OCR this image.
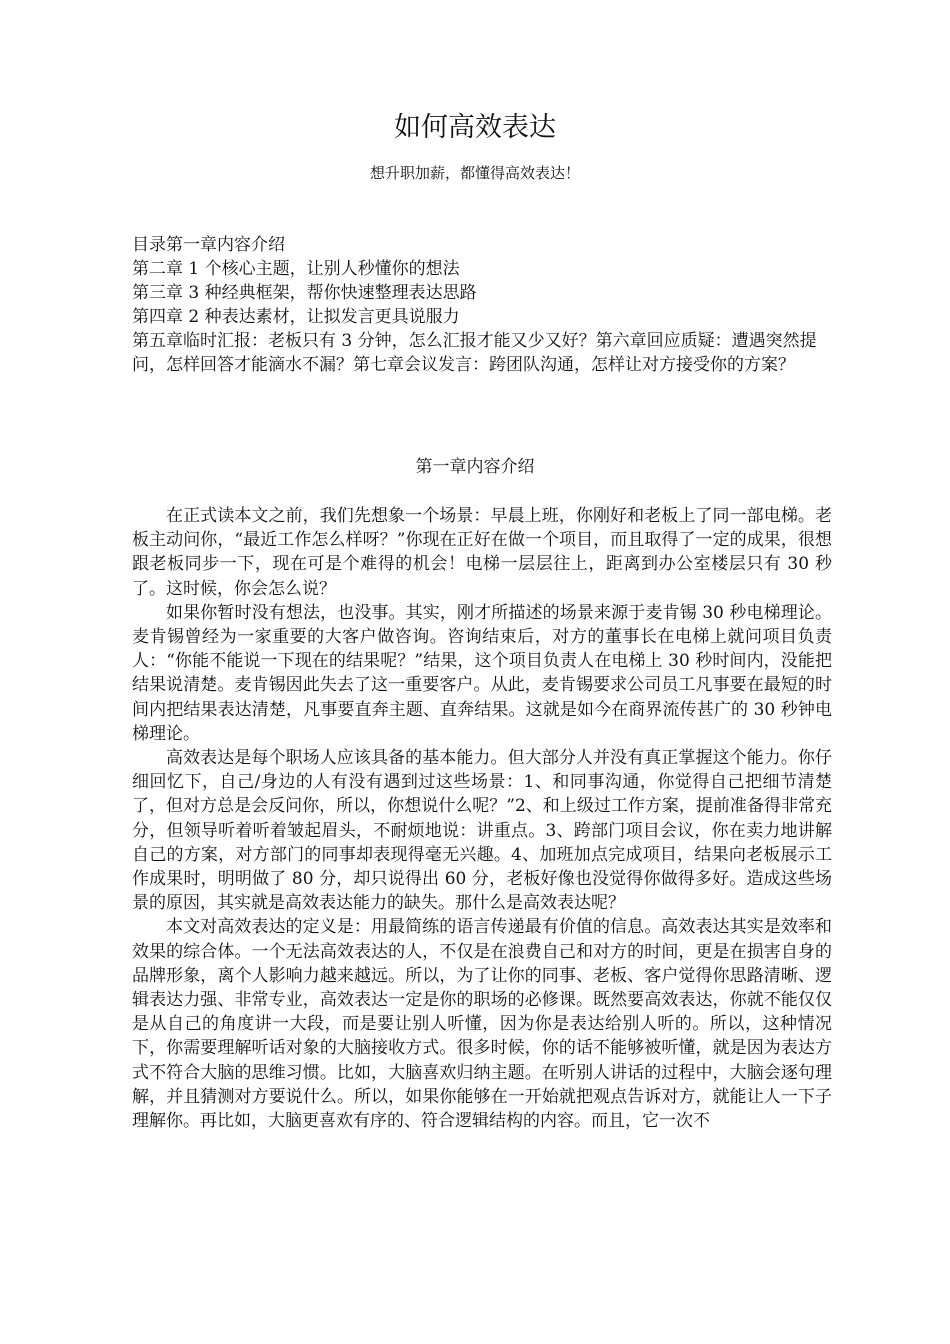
如何高效表达
想升职加薪，都懂得高效表达！
目录第一章内容介绍
第二章 1 个核心主题，让别人秒懂你的想法
第三章 3 种经典框架，帮你快速整理表达思路
第四章 2 种表达素材，让拟发言更具说服力
第五章临时汇报：老板只有 3 分钟，怎么汇报才能又少又好？第六章回应质疑：遭遇突然提问，怎样回答才能滴水不漏？第七章会议发言：跨团队沟通，怎样让对方接受你的方案？
第一章内容介绍

在正式读本文之前，我们先想象一个场景：早晨上班，你刚好和老板上了同一部电梯。老板主动问你，“最近工作怎么样呀？”你现在正好在做一个项目，而且取得了一定的成果，很想跟老板同步一下，现在可是个难得的机会！电梯一层层往上，距离到办公室楼层只有 30 秒了。这时候，你会怎么说？

如果你暂时没有想法，也没事。其实，刚才所描述的场景来源于麦肯锡 30 秒电梯理论。麦肯锡曾经为一家重要的大客户做咨询。咨询结束后，对方的董事长在电梯上就问项目负责人：“你能不能说一下现在的结果呢？”结果，这个项目负责人在电梯上 30 秒时间内，没能把结果说清楚。麦肯锡因此失去了这一重要客户。从此，麦肯锡要求公司员工凡事要在最短的时间内把结果表达清楚，凡事要直奔主题、直奔结果。这就是如今在商界流传甚广的 30 秒钟电梯理论。

高效表达是每个职场人应该具备的基本能力。但大部分人并没有真正掌握这个能力。你仔细回忆下，自己/身边的人有没有遇到过这些场景：1、和同事沟通，你觉得自己把细节清楚了，但对方总是会反问你，所以，你想说什么呢？”2、和上级过工作方案，提前准备得非常充分，但领导听着听着皱起眉头，不耐烦地说：讲重点。3、跨部门项目会议，你在卖力地讲解自己的方案，对方部门的同事却表现得毫无兴趣。4、加班加点完成项目，结果向老板展示工作成果时，明明做了 80 分，却只说得出 60 分，老板好像也没觉得你做得多好。造成这些场景的原因，其实就是高效表达能力的缺失。那什么是高效表达呢？

本文对高效表达的定义是：用最简练的语言传递最有价值的信息。高效表达其实是效率和效果的综合体。一个无法高效表达的人，不仅是在浪费自己和对方的时间，更是在损害自身的品牌形象，离个人影响力越来越远。所以，为了让你的同事、老板、客户觉得你思路清晰、逻辑表达力强、非常专业，高效表达一定是你的职场的必修课。既然要高效表达，你就不能仅仅是从自己的角度讲一大段，而是要让别人听懂，因为你是表达给别人听的。所以，这种情况下，你需要理解听话对象的大脑接收方式。很多时候，你的话不能够被听懂，就是因为表达方式不符合大脑的思维习惯。比如，大脑喜欢归纳主题。在听别人讲话的过程中，大脑会逐句理解，并且猜测对方要说什么。所以，如果你能够在一开始就把观点告诉对方，就能让人一下子理解你。再比如，大脑更喜欢有序的、符合逻辑结构的内容。而且，它一次不
